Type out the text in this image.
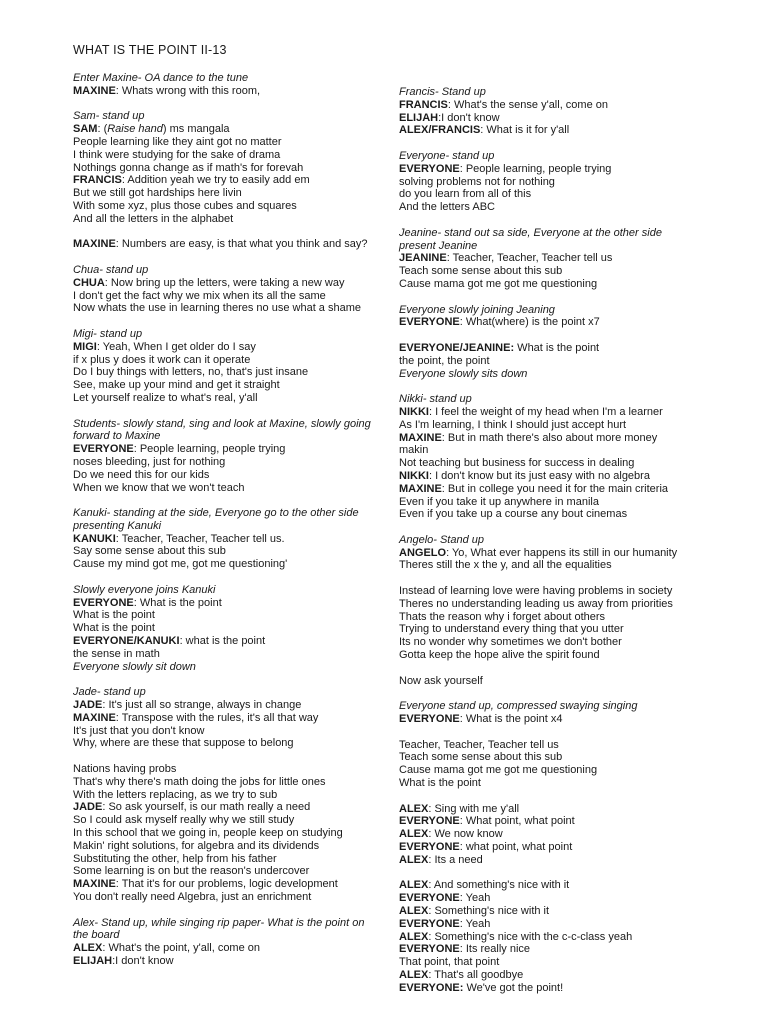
WHAT IS THE POINT II-13
Enter Maxine- OA dance to the tune
MAXINE: Whats wrong with this room,
Sam- stand up
SAM: (Raise hand) ms mangala
People learning like they aint got no matter
I think were studying for the sake of drama
Nothings gonna change as if math's for forevah
FRANCIS: Addition yeah we try to easily add em
But we still got hardships here livin
With some xyz, plus those cubes and squares
And all the letters in the alphabet
MAXINE: Numbers are easy, is that what you think and say?
Chua- stand up
CHUA: Now bring up the letters, were taking a new way
I don't get the fact why we mix when its all the same
Now whats the use in learning theres no use what a shame
Migi- stand up
MIGI: Yeah, When I get older do I say
if x plus y does it work can it operate
Do I buy things with letters, no, that's just insane
See, make up your mind and get it straight
Let yourself realize to what's real, y'all
Students- slowly stand, sing and look at Maxine, slowly going forward to Maxine
EVERYONE: People learning, people trying
noses bleeding, just for nothing
Do we need this for our kids
When we know that we won't teach
Kanuki- standing at the side, Everyone go to the other side presenting Kanuki
KANUKI: Teacher, Teacher, Teacher tell us.
Say some sense about this sub
Cause my mind got me, got me questioning'
Slowly everyone joins Kanuki
EVERYONE: What is the point
What is the point
What is the point
EVERYONE/KANUKI: what is the point
the sense in math
Everyone slowly sit down
Jade- stand up
JADE: It's just all so strange, always in change
MAXINE: Transpose with the rules, it's all that way
It's just that you don't know
Why, where are these that suppose to belong
Nations having probs
That's why there's math doing the jobs for little ones
With the letters replacing, as we try to sub
JADE: So ask yourself, is our math really a need
So I could ask myself really why we still study
In this school that we going in, people keep on studying
Makin' right solutions, for algebra and its dividends
Substituting the other, help from his father
Some learning is on but the reason's undercover
MAXINE: That it's for our problems, logic development
You don't really need Algebra, just an enrichment
Alex- Stand up, while singing rip paper- What is the point on the board
ALEX: What's the point, y'all, come on
ELIJAH:I don't know
Francis- Stand up
FRANCIS: What's the sense y'all, come on
ELIJAH:I don't know
ALEX/FRANCIS: What is it for y'all
Everyone- stand up
EVERYONE: People learning, people trying
solving problems not for nothing
do you learn from all of this
And the letters ABC
Jeanine- stand out sa side, Everyone at the other side present Jeanine
JEANINE: Teacher, Teacher, Teacher tell us
Teach some sense about this sub
Cause mama got me got me questioning
Everyone slowly joining Jeaning
EVERYONE: What(where) is the point x7
EVERYONE/JEANINE: What is the point
the point, the point
Everyone slowly sits down
Nikki- stand up
NIKKI: I feel the weight of my head when I'm a learner
As I'm learning, I think I should just accept hurt
MAXINE: But in math there's also about more money
makin
Not teaching but business for success in dealing
NIKKI: I don't know but its just easy with no algebra
MAXINE: But in college you need it for the main criteria
Even if you take it up anywhere in manila
Even if you take up a course any bout cinemas
Angelo- Stand up
ANGELO: Yo, What ever happens its still in our humanity
Theres still the x the y, and all the equalities
Instead of learning love were having problems in society
Theres no understanding leading us away from priorities
Thats the reason why i forget about others
Trying to understand every thing that you utter
Its no wonder why sometimes we don't bother
Gotta keep the hope alive the spirit found
Now ask yourself
Everyone stand up, compressed swaying singing
EVERYONE: What is the point x4
Teacher, Teacher, Teacher tell us
Teach some sense about this sub
Cause mama got me got me questioning
What is the point
ALEX: Sing with me y'all
EVERYONE: What point, what point
ALEX: We now know
EVERYONE: what point, what point
ALEX: Its a need
ALEX: And something's nice with it
EVERYONE: Yeah
ALEX: Something's nice with it
EVERYONE: Yeah
ALEX: Something's nice with the c-c-class yeah
EVERYONE: Its really nice
That point, that point
ALEX: That's all goodbye
EVERYONE: We've got the point!
